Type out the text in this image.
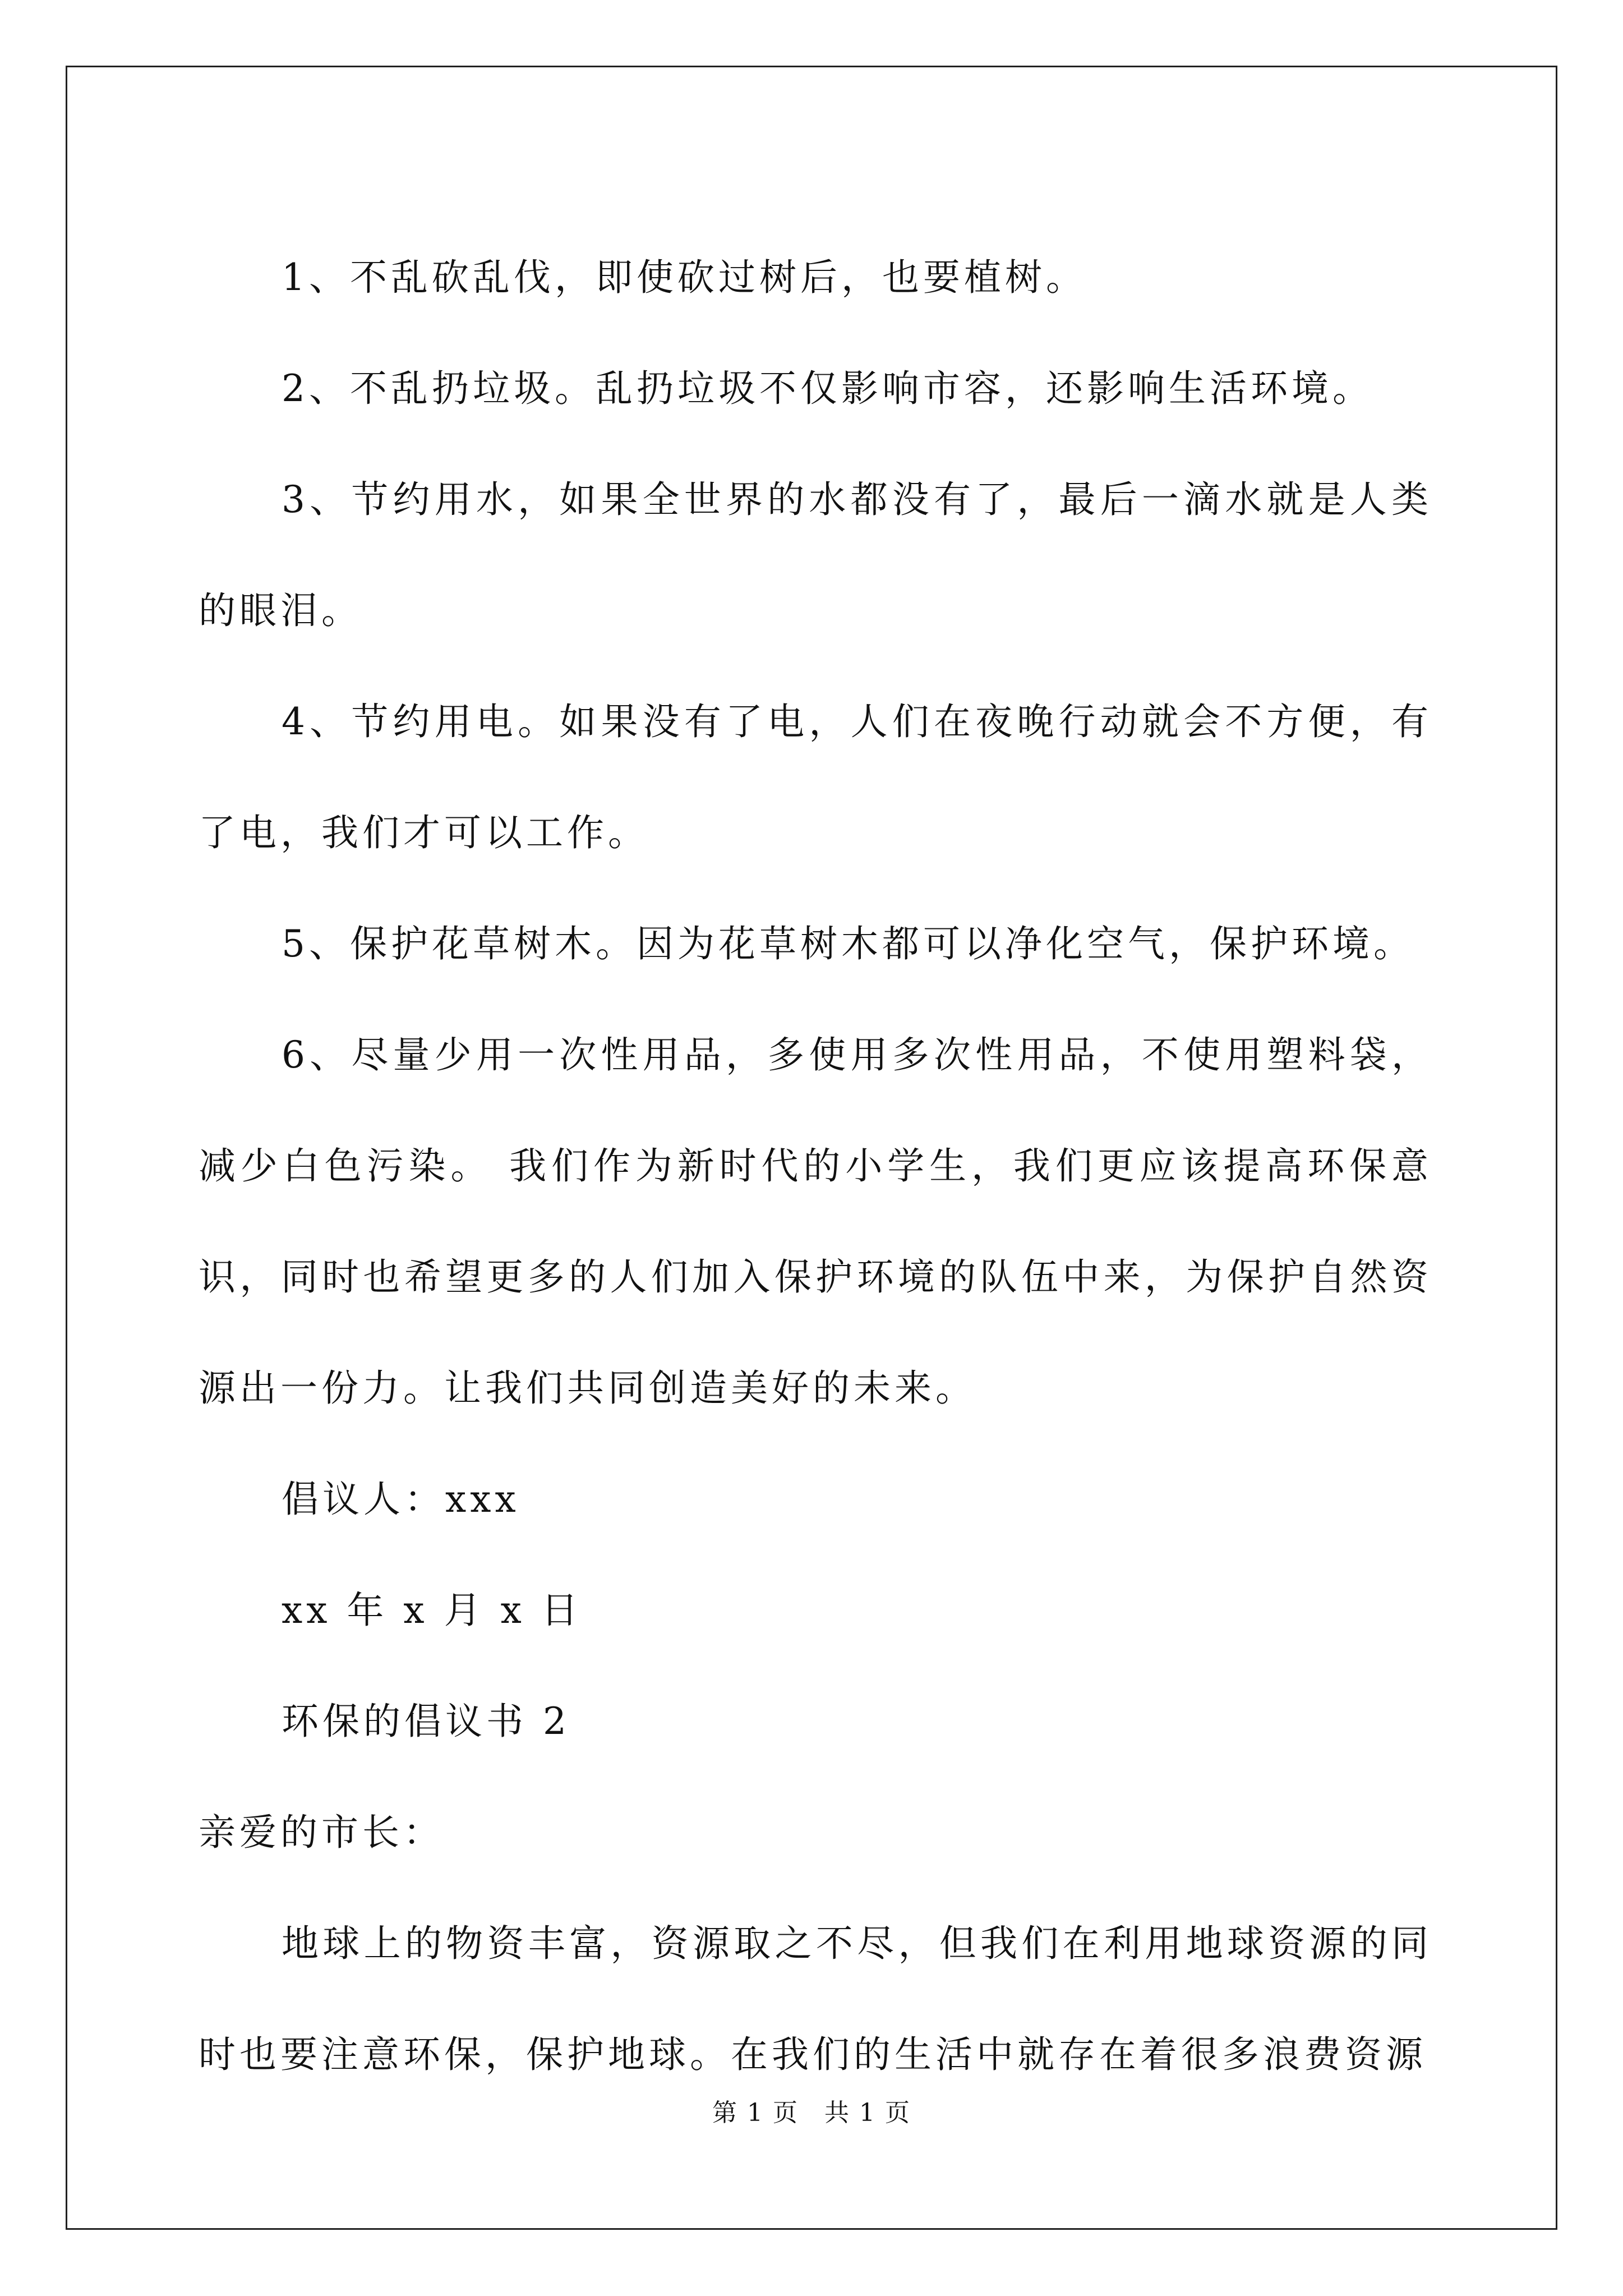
1、不乱砍乱伐，即使砍过树后，也要植树。

2、不乱扔垃圾。乱扔垃圾不仅影响市容，还影响生活环境。

3、节约用水，如果全世界的水都没有了，最后一滴水就是人类的眼泪。

4、节约用电。如果没有了电，人们在夜晚行动就会不方便，有了电，我们才可以工作。

5、保护花草树木。因为花草树木都可以净化空气，保护环境。

6、尽量少用一次性用品，多使用多次性用品，不使用塑料袋，减少白色污染。 我们作为新时代的小学生，我们更应该提高环保意识，同时也希望更多的人们加入保护环境的队伍中来，为保护自然资源出一份力。让我们共同创造美好的未来。

倡议人：xxx

xx 年 x 月 x 日

环保的倡议书 2

亲爱的市长：

地球上的物资丰富，资源取之不尽，但我们在利用地球资源的同时也要注意环保，保护地球。在我们的生活中就存在着很多浪费资源

第 1 页　共 1 页
